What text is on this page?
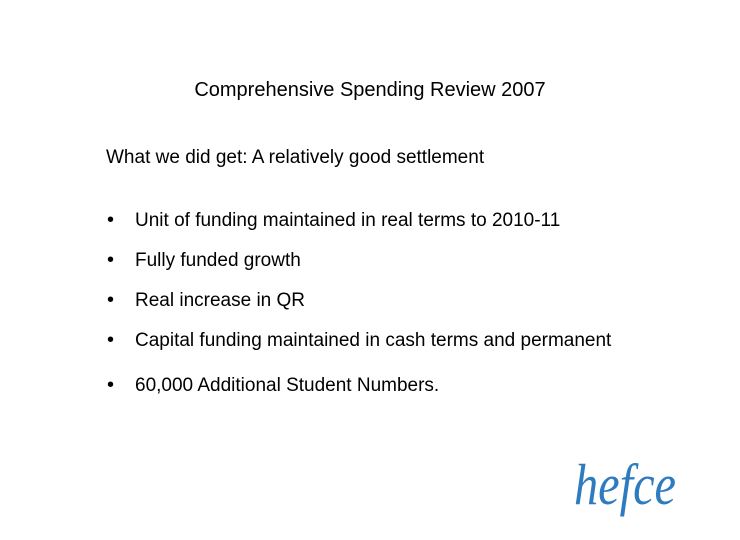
Comprehensive Spending Review 2007
What we did get: A relatively good settlement
• Unit of funding maintained in real terms to 2010-11
• Fully funded growth
• Real increase in QR
• Capital funding maintained in cash terms and permanent
• 60,000 Additional Student Numbers.
hefce
